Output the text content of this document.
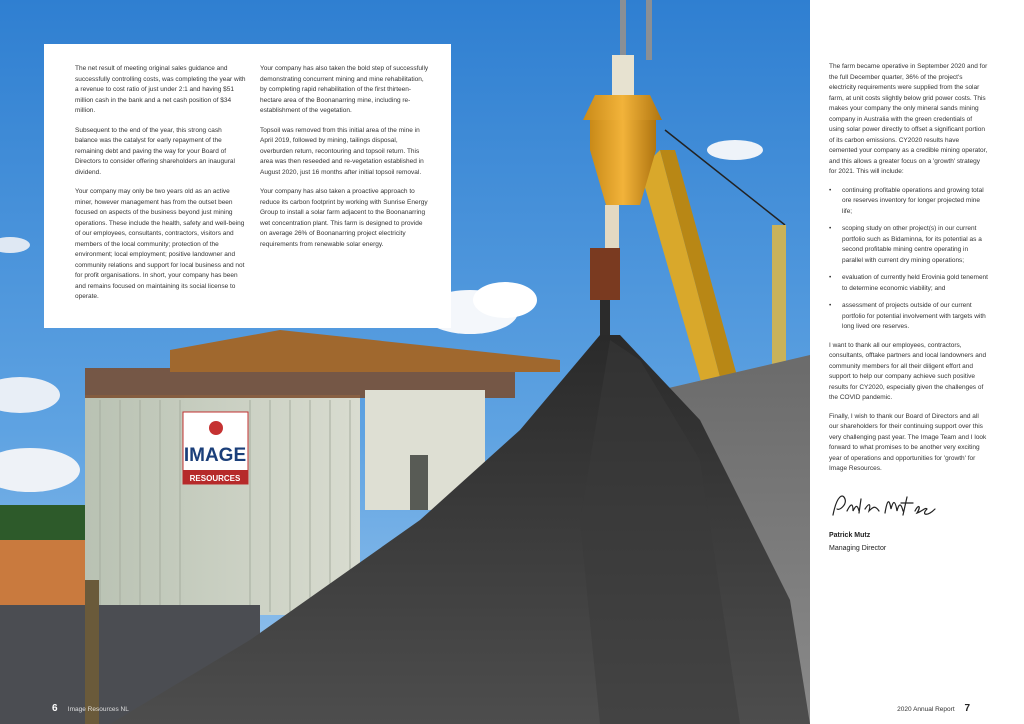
IMAGE
RESOURCES

The net result of meeting original sales guidance and successfully controlling costs, was completing the year with a revenue to cost ratio of just under 2:1 and having $51 million cash in the bank and a net cash position of $34 million.

Subsequent to the end of the year, this strong cash balance was the catalyst for early repayment of the remaining debt and paving the way for your Board of Directors to consider offering shareholders an inaugural dividend.

Your company may only be two years old as an active miner, however management has from the outset been focused on aspects of the business beyond just mining operations. These include the health, safety and well-being of our employees, consultants, contractors, visitors and members of the local community; protection of the environment; local employment; positive landowner and community relations and support for local business and not for profit organisations. In short, your company has been and remains focused on maintaining its social license to operate.

Your company has also taken the bold step of successfully demonstrating concurrent mining and mine rehabilitation, by completing rapid rehabilitation of the first thirteen-hectare area of the Boonanarring mine, including re-establishment of the vegetation.

Topsoil was removed from this initial area of the mine in April 2019, followed by mining, tailings disposal, overburden return, recontouring and topsoil return. This area was then reseeded and re-vegetation established in August 2020, just 16 months after initial topsoil removal.

Your company has also taken a proactive approach to reduce its carbon footprint by working with Sunrise Energy Group to install a solar farm adjacent to the Boonanarring wet concentration plant. This farm is designed to provide on average 26% of Boonanarring project electricity requirements from renewable solar energy.

6 Image Resources NL

The farm became operative in September 2020 and for the full December quarter, 36% of the project's electricity requirements were supplied from the solar farm, at unit costs slightly below grid power costs. This makes your company the only mineral sands mining company in Australia with the green credentials of using solar power directly to offset a significant portion of its carbon emissions. CY2020 results have cemented your company as a credible mining operator, and this allows a greater focus on a 'growth' strategy for 2021. This will include:

• continuing profitable operations and growing total ore reserves inventory for longer projected mine life;
• scoping study on other project(s) in our current portfolio such as Bidaminna, for its potential as a second profitable mining centre operating in parallel with current dry mining operations;
• evaluation of currently held Erovinia gold tenement to determine economic viability; and
• assessment of projects outside of our current portfolio for potential involvement with targets with long lived ore reserves.

I want to thank all our employees, contractors, consultants, offtake partners and local landowners and community members for all their diligent effort and support to help our company achieve such positive results for CY2020, especially given the challenges of the COVID pandemic.

Finally, I wish to thank our Board of Directors and all our shareholders for their continuing support over this very challenging past year. The Image Team and I look forward to what promises to be another very exciting year of operations and opportunities for 'growth' for Image Resources.

Patrick Mutz
Managing Director
2020 Annual Report 7
